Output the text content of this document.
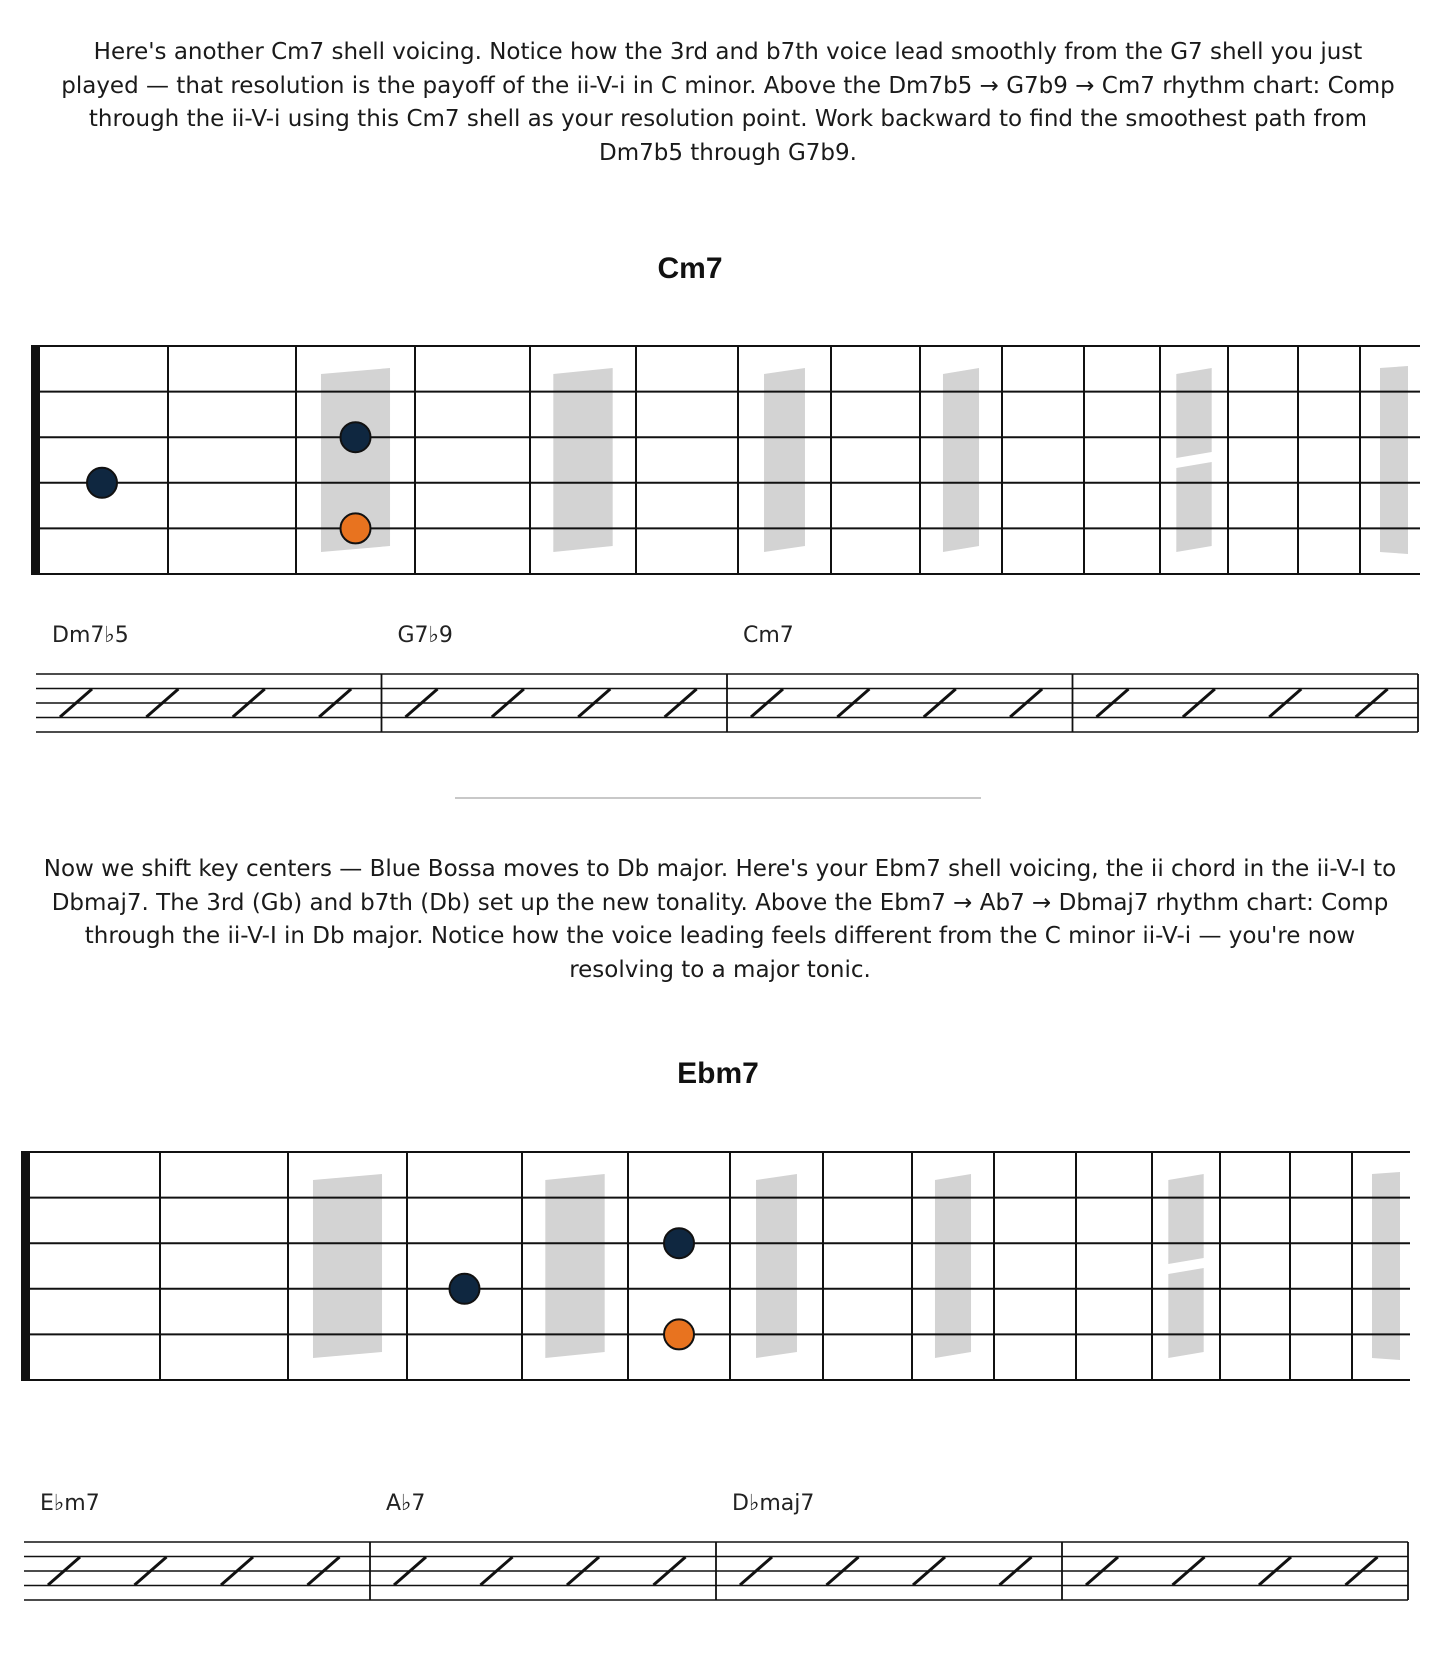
Here's another Cm7 shell voicing. Notice how the 3rd and b7th voice lead smoothly from the G7 shell you just played — that resolution is the payoff of the ii-V-i in C minor. Above the Dm7b5 → G7b9 → Cm7 rhythm chart: Comp through the ii-V-i using this Cm7 shell as your resolution point. Work backward to find the smoothest path from Dm7b5 through G7b9.
Cm7
Dm7♭5	G7♭9	Cm7
Now we shift key centers — Blue Bossa moves to Db major. Here's your Ebm7 shell voicing, the ii chord in the ii-V-I to Dbmaj7. The 3rd (Gb) and b7th (Db) set up the new tonality. Above the Ebm7 → Ab7 → Dbmaj7 rhythm chart: Comp through the ii-V-I in Db major. Notice how the voice leading feels different from the C minor ii-V-i — you're now resolving to a major tonic.
Ebm7
E♭m7	A♭7	D♭maj7
